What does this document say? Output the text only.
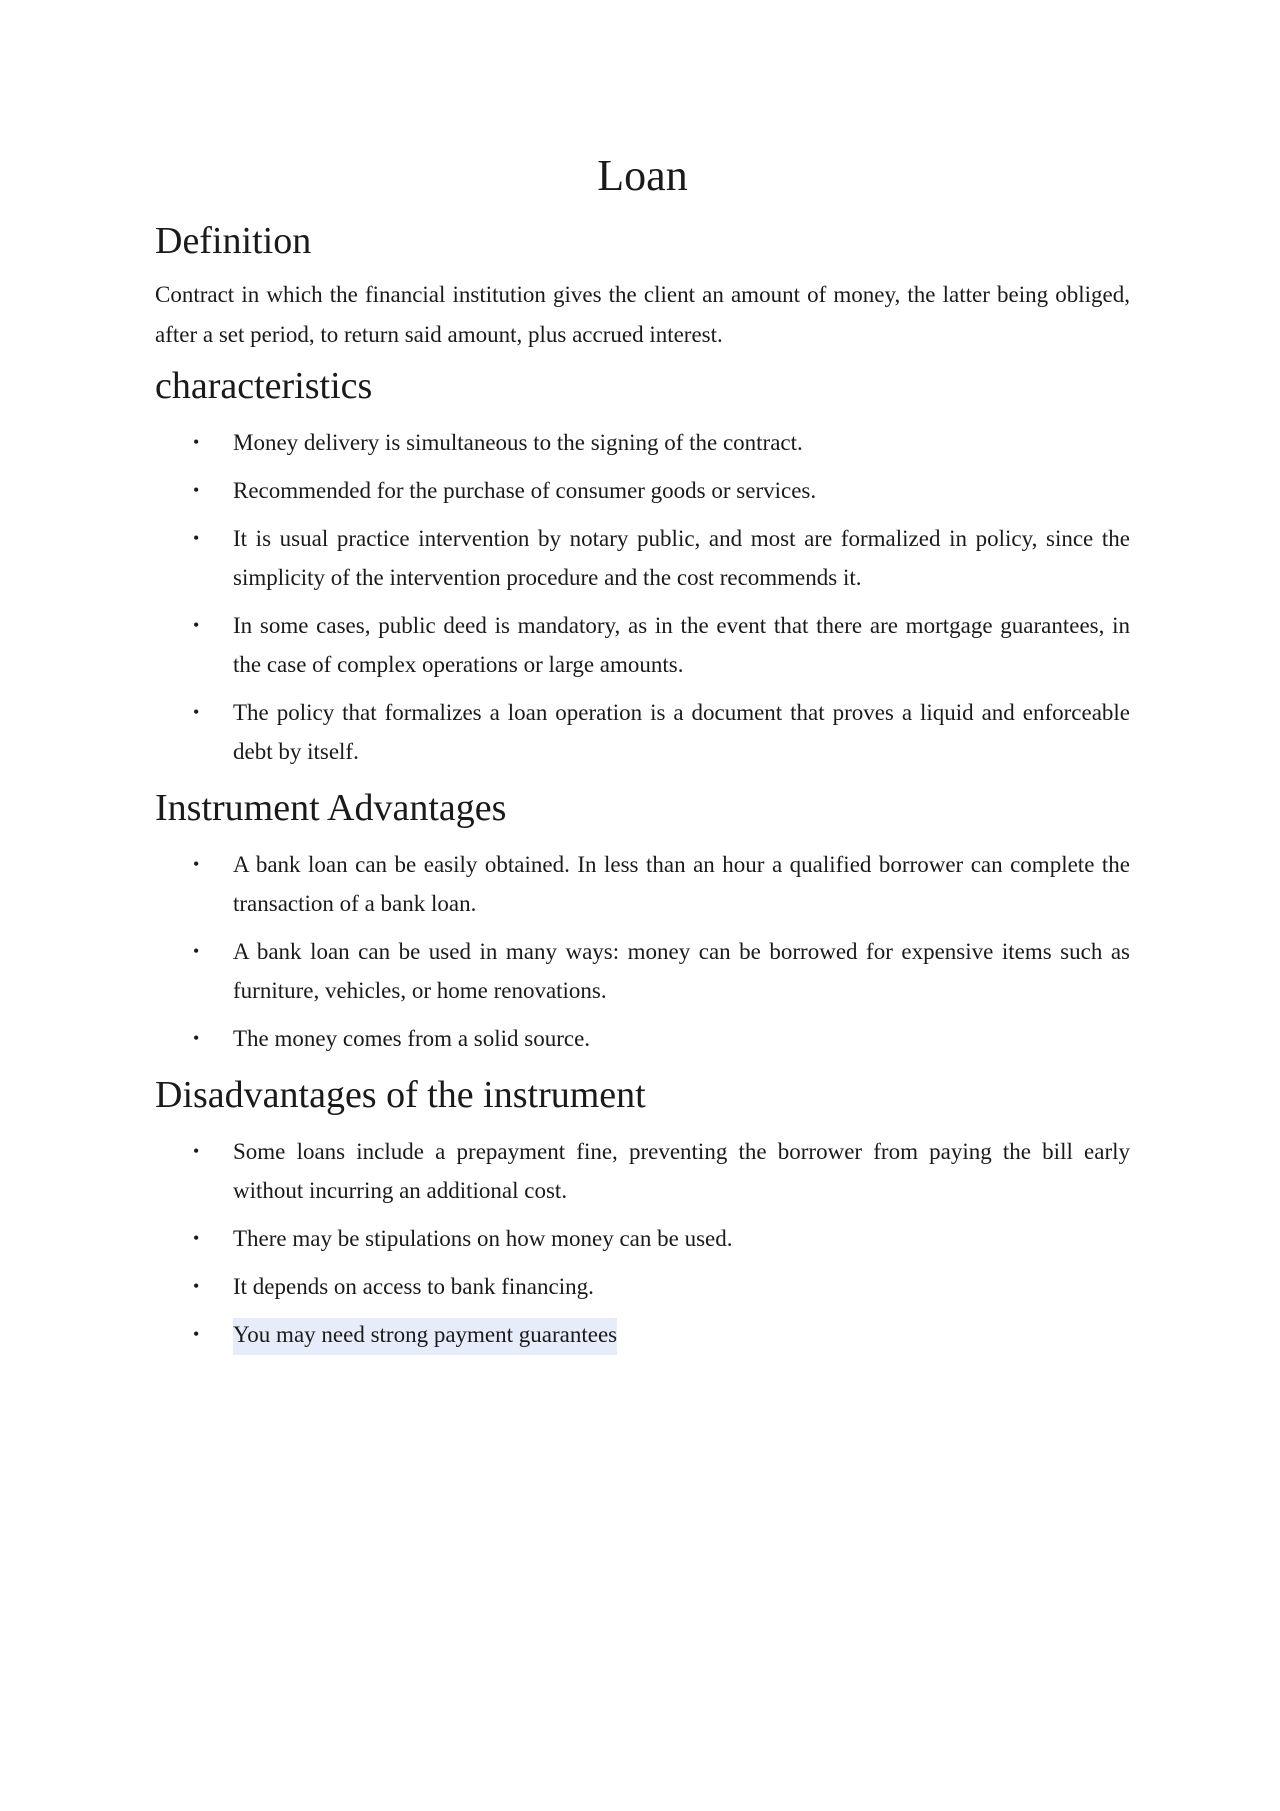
Loan
Definition

Contract in which the financial institution gives the client an amount of money, the latter being obliged, after a set period, to return said amount, plus accrued interest.

characteristics
• Money delivery is simultaneous to the signing of the contract.
• Recommended for the purchase of consumer goods or services.
• It is usual practice intervention by notary public, and most are formalized in policy, since the simplicity of the intervention procedure and the cost recommends it.
• In some cases, public deed is mandatory, as in the event that there are mortgage guarantees, in the case of complex operations or large amounts.
• The policy that formalizes a loan operation is a document that proves a liquid and enforceable debt by itself.
Instrument Advantages
• A bank loan can be easily obtained. In less than an hour a qualified borrower can complete the transaction of a bank loan.
• A bank loan can be used in many ways: money can be borrowed for expensive items such as furniture, vehicles, or home renovations.
• The money comes from a solid source.
Disadvantages of the instrument
• Some loans include a prepayment fine, preventing the borrower from paying the bill early without incurring an additional cost.
• There may be stipulations on how money can be used.
• It depends on access to bank financing.
• You may need strong payment guarantees
